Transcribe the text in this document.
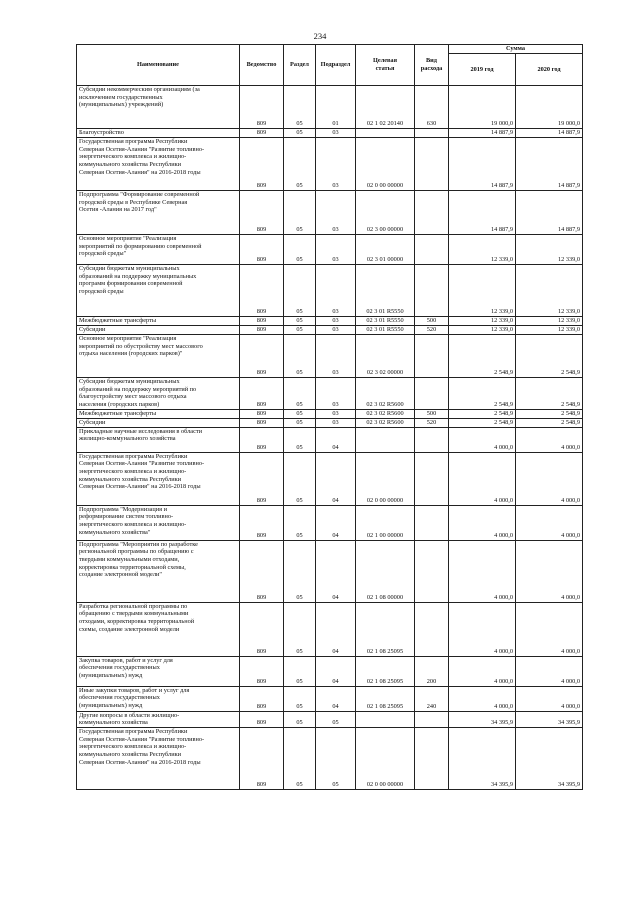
234
Наименование	Ведомство	Раздел	Подраздел	Целевая
статья	Вид
расхода	Сумма	
						2019 год	2020 год
Субсидии некоммерческим организациям (за
исключением государственных
(муниципальных) учреждений)	809	05	01	02 1 02 20140	630	19 000,0	19 000,0
Благоустройство	809	05	03			14 887,9	14 887,9
Государственная программа Республики
Северная Осетия-Алания "Развитие топливно-
энергетического комплекса и жилищно-
коммунального хозяйства Республики
Северная Осетия-Алания" на 2016-2018 годы	809	05	03	02 0 00 00000		14 887,9	14 887,9
Подпрограмма "Формирование современной
городской среды в Республике Северная
Осетия -Алания на 2017 год"	809	05	03	02 3 00 00000		14 887,9	14 887,9
Основное мероприятие "Реализация
мероприятий по формированию современной
городской среды"	809	05	03	02 3 01 00000		12 339,0	12 339,0
Субсидии бюджетам муниципальных
образований на поддержку муниципальных
программ формирования современной
городской среды	809	05	03	02 3 01 R5550		12 339,0	12 339,0
Межбюджетные трансферты	809	05	03	02 3 01 R5550	500	12 339,0	12 339,0
Субсидии	809	05	03	02 3 01 R5550	520	12 339,0	12 339,0
Основное мероприятие "Реализация
мероприятий по обустройству мест массового
отдыха населения (городских парков)"	809	05	03	02 3 02 00000		2 548,9	2 548,9
Субсидии бюджетам муниципальных
образований на поддержку мероприятий по
благоустройству мест массового отдыха
населения (городских парков)	809	05	03	02 3 02 R5600		2 548,9	2 548,9
Межбюджетные трансферты	809	05	03	02 3 02 R5600	500	2 548,9	2 548,9
Субсидии	809	05	03	02 3 02 R5600	520	2 548,9	2 548,9
Прикладные научные исследования в области
жилищно-коммунального хозяйства	809	05	04			4 000,0	4 000,0
Государственная программа Республики
Северная Осетия-Алания "Развитие топливно-
энергетического комплекса и жилищно-
коммунального хозяйства Республики
Северная Осетия-Алания" на 2016-2018 годы	809	05	04	02 0 00 00000		4 000,0	4 000,0
Подпрограмма "Модернизация и
реформирование систем топливно-
энергетического комплекса и жилищно-
коммунального хозяйства"	809	05	04	02 1 00 00000		4 000,0	4 000,0
Подпрограмма "Мероприятия по разработке
региональной программы по обращению с
твердыми коммунальными отходами,
корректировка территориальной схемы,
создание электронной модели"	809	05	04	02 1 08 00000		4 000,0	4 000,0
Разработка региональной программы по
обращению с твердыми коммунальными
отходами, корректировка территориальной
схемы, создание электронной модели	809	05	04	02 1 08 25095		4 000,0	4 000,0
Закупка товаров, работ и услуг для
обеспечения государственных
(муниципальных) нужд	809	05	04	02 1 08 25095	200	4 000,0	4 000,0
Иные закупки товаров, работ и услуг для
обеспечения государственных
(муниципальных) нужд	809	05	04	02 1 08 25095	240	4 000,0	4 000,0
Другие вопросы в области жилищно-
коммунального хозяйства	809	05	05			34 395,9	34 395,9
Государственная программа Республики
Северная Осетия-Алания "Развитие топливно-
энергетического комплекса и жилищно-
коммунального хозяйства Республики
Северная Осетия-Алания" на 2016-2018 годы	809	05	05	02 0 00 00000		34 395,9	34 395,9
